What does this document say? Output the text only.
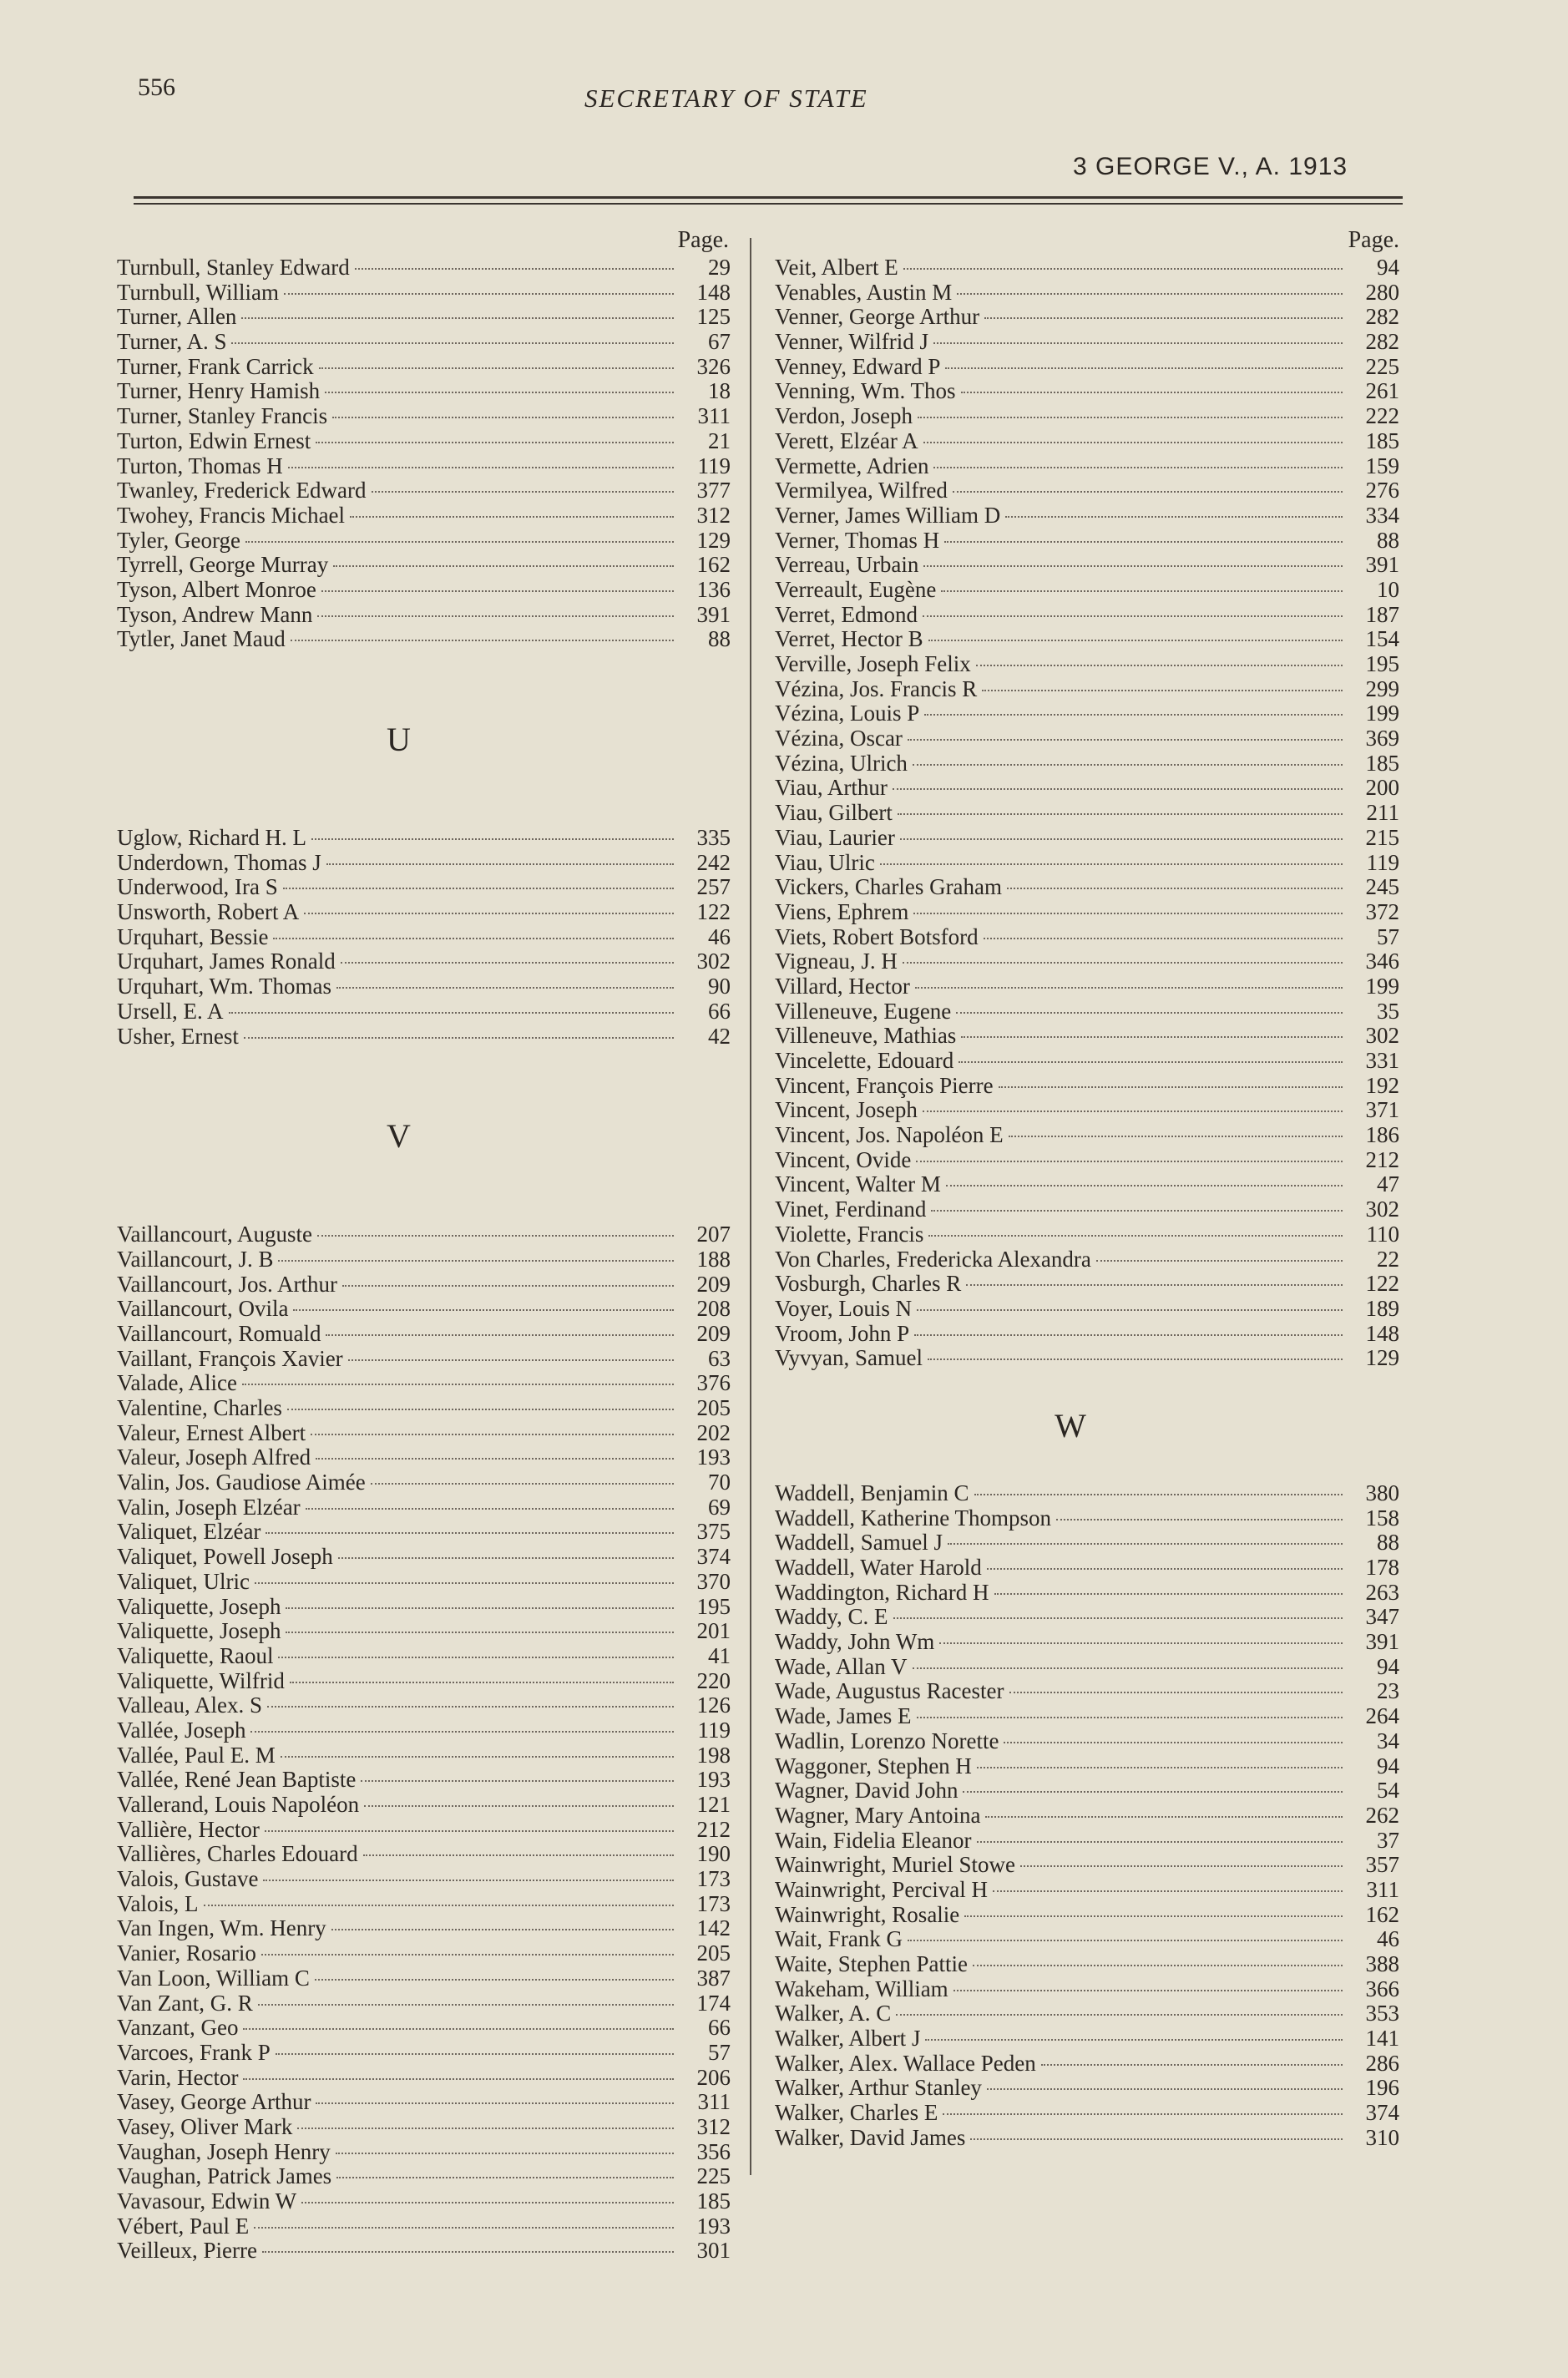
556	SECRETARY OF STATE
3 GEORGE V., A. 1913
Page.
Turnbull, Stanley Edward	29
Turnbull, William	148
Turner, Allen	125
Turner, A. S	67
Turner, Frank Carrick	326
Turner, Henry Hamish	18
Turner, Stanley Francis	311
Turton, Edwin Ernest	21
Turton, Thomas H	119
Twanley, Frederick Edward	377
Twohey, Francis Michael	312
Tyler, George	129
Tyrrell, George Murray	162
Tyson, Albert Monroe	136
Tyson, Andrew Mann	391
Tytler, Janet Maud	88
U
Uglow, Richard H. L	335
Underdown, Thomas J	242
Underwood, Ira S	257
Unsworth, Robert A	122
Urquhart, Bessie	46
Urquhart, James Ronald	302
Urquhart, Wm. Thomas	90
Ursell, E. A	66
Usher, Ernest	42
V
Vaillancourt, Auguste	207
Vaillancourt, J. B	188
Vaillancourt, Jos. Arthur	209
Vaillancourt, Ovila	208
Vaillancourt, Romuald	209
Vaillant, François Xavier	63
Valade, Alice	376
Valentine, Charles	205
Valeur, Ernest Albert	202
Valeur, Joseph Alfred	193
Valin, Jos. Gaudiose Aimée	70
Valin, Joseph Elzéar	69
Valiquet, Elzéar	375
Valiquet, Powell Joseph	374
Valiquet, Ulric	370
Valiquette, Joseph	195
Valiquette, Joseph	201
Valiquette, Raoul	41
Valiquette, Wilfrid	220
Valleau, Alex. S	126
Vallée, Joseph	119
Vallée, Paul E. M	198
Vallée, René Jean Baptiste	193
Vallerand, Louis Napoléon	121
Vallière, Hector	212
Vallières, Charles Edouard	190
Valois, Gustave	173
Valois, L	173
Van Ingen, Wm. Henry	142
Vanier, Rosario	205
Van Loon, William C	387
Van Zant, G. R	174
Vanzant, Geo	66
Varcoes, Frank P	57
Varin, Hector	206
Vasey, George Arthur	311
Vasey, Oliver Mark	312
Vaughan, Joseph Henry	356
Vaughan, Patrick James	225
Vavasour, Edwin W	185
Vébert, Paul E	193
Veilleux, Pierre	301
Page.
Veit, Albert E	94
Venables, Austin M	280
Venner, George Arthur	282
Venner, Wilfrid J	282
Venney, Edward P	225
Venning, Wm. Thos	261
Verdon, Joseph	222
Verett, Elzéar A	185
Vermette, Adrien	159
Vermilyea, Wilfred	276
Verner, James William D	334
Verner, Thomas H	88
Verreau, Urbain	391
Verreault, Eugène	10
Verret, Edmond	187
Verret, Hector B	154
Verville, Joseph Felix	195
Vézina, Jos. Francis R	299
Vézina, Louis P	199
Vézina, Oscar	369
Vézina, Ulrich	185
Viau, Arthur	200
Viau, Gilbert	211
Viau, Laurier	215
Viau, Ulric	119
Vickers, Charles Graham	245
Viens, Ephrem	372
Viets, Robert Botsford	57
Vigneau, J. H	346
Villard, Hector	199
Villeneuve, Eugene	35
Villeneuve, Mathias	302
Vincelette, Edouard	331
Vincent, François Pierre	192
Vincent, Joseph	371
Vincent, Jos. Napoléon E	186
Vincent, Ovide	212
Vincent, Walter M	47
Vinet, Ferdinand	302
Violette, Francis	110
Von Charles, Fredericka Alexandra	22
Vosburgh, Charles R	122
Voyer, Louis N	189
Vroom, John P	148
Vyvyan, Samuel	129
W
Waddell, Benjamin C	380
Waddell, Katherine Thompson	158
Waddell, Samuel J	88
Waddell, Water Harold	178
Waddington, Richard H	263
Waddy, C. E	347
Waddy, John Wm	391
Wade, Allan V	94
Wade, Augustus Racester	23
Wade, James E	264
Wadlin, Lorenzo Norette	34
Waggoner, Stephen H	94
Wagner, David John	54
Wagner, Mary Antoina	262
Wain, Fidelia Eleanor	37
Wainwright, Muriel Stowe	357
Wainwright, Percival H	311
Wainwright, Rosalie	162
Wait, Frank G	46
Waite, Stephen Pattie	388
Wakeham, William	366
Walker, A. C	353
Walker, Albert J	141
Walker, Alex. Wallace Peden	286
Walker, Arthur Stanley	196
Walker, Charles E	374
Walker, David James	310
